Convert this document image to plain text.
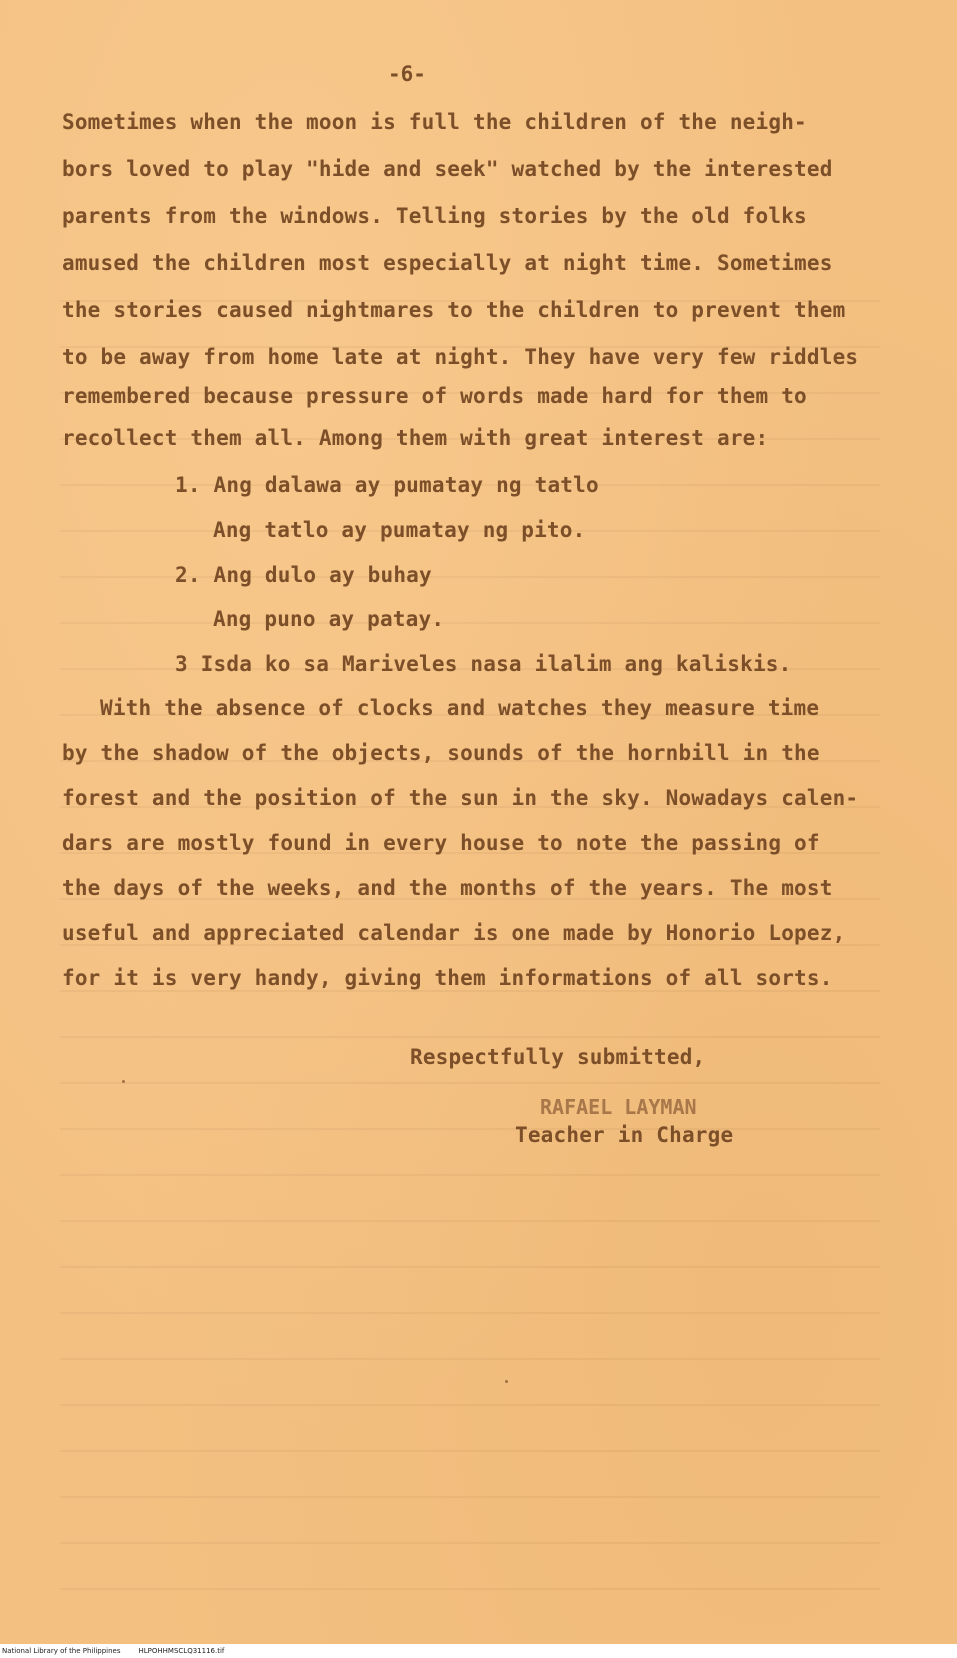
-6-
Sometimes when the moon is full the children of the neigh-
bors loved to play "hide and seek" watched by the interested
parents from the windows. Telling stories by the old folks
amused the children most especially at night time. Sometimes
the stories caused nightmares to the children to prevent them
to be away from home late at night. They have very few riddles
remembered because pressure of words made hard for them to
recollect them all. Among them with great interest are:
1. Ang dalawa ay pumatay ng tatlo
Ang tatlo ay pumatay ng pito.
2. Ang dulo ay buhay
Ang puno ay patay.
3 Isda ko sa Mariveles nasa ilalim ang kaliskis.
With the absence of clocks and watches they measure time
by the shadow of the objects, sounds of the hornbill in the
forest and the position of the sun in the sky. Nowadays calen-
dars are mostly found in every house to note the passing of
the days of the weeks, and the months of the years. The most
useful and appreciated calendar is one made by Honorio Lopez,
for it is very handy, giving them informations of all sorts.
Respectfully submitted,
RAFAEL LAYMAN
Teacher in Charge
National Library of the Philippines	HLPOHHMSCLQ31116.tif
